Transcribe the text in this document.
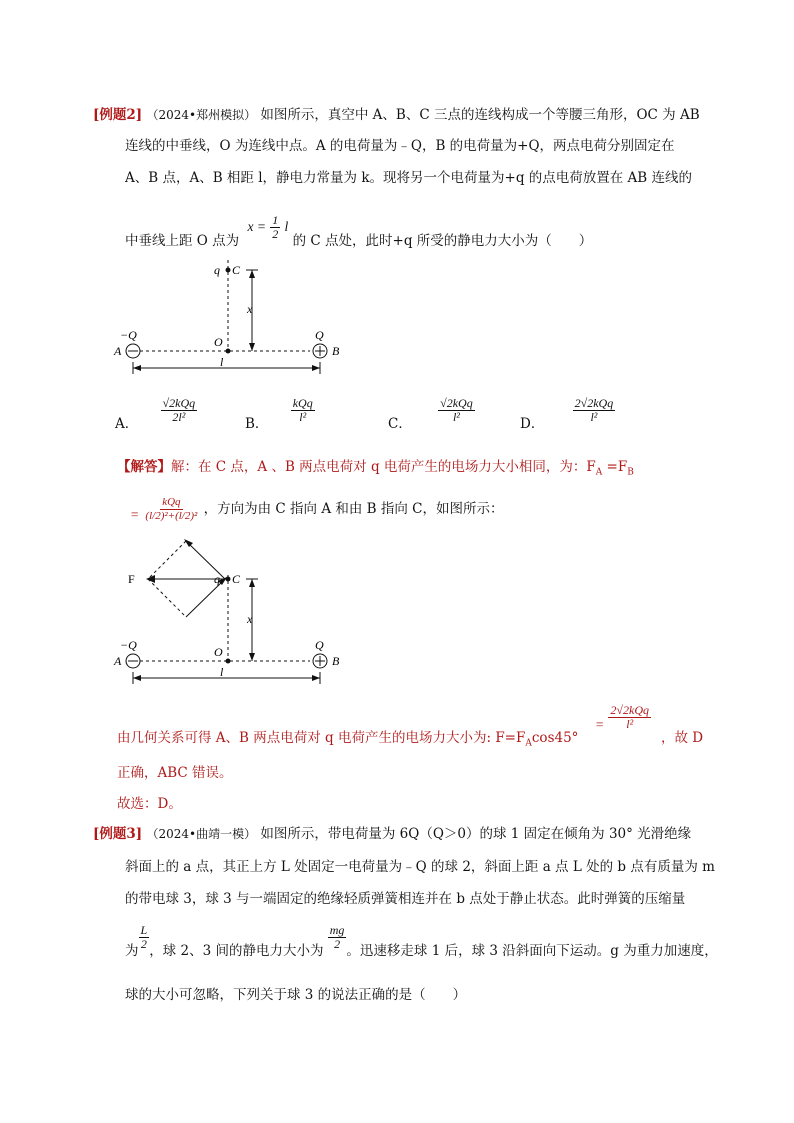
[例题2] （2024•郑州模拟） 如图所示，真空中 A、B、C 三点的连线构成一个等腰三角形，OC 为 AB
连线的中垂线，O 为连线中点。A 的电荷量为﹣Q，B 的电荷量为+Q，两点电荷分别固定在
A、B 点，A、B 相距 l，静电力常量为 k。现将另一个电荷量为+q 的点电荷放置在 AB 连线的
中垂线上距 O 点为 $x = \frac{1}{2}$ l 的 C 点处，此时+q 所受的静电力大小为（　　）
q C
x
O
A	B
−Q	Q
l
A． $\frac{\text{√2kQq}}{\text{2l²}}$	B． $\frac{\text{kQq}}{\text{l²}}$	C． $\frac{\text{√2kQq}}{\text{l²}}$	D． $\frac{\text{2√2kQq}}{\text{l²}}$
【解答】解：在 C 点，A 、B 两点电荷对 q 电荷产生的电场力大小相同，为：$F_A =F_B$
= $\frac{\text{kQq}}{\text{(l/2)²+(l/2)²}}$ ，方向为由 C 指向 A 和由 B 指向 C，如图所示：
F	q C
x
O
A	B
−Q	Q
l
由几何关系可得 A、B 两点电荷对 q 电荷产生的电场力大小为: $F=F_A\cos 45^\circ$
= $\frac{\text{2√2kQq}}{\text{l²}}$
，故 D
正确，ABC 错误。
故选：D。
[例题3] （2024•曲靖一模） 如图所示，带电荷量为 6Q（Q＞0）的球 1 固定在倾角为 30° 光滑绝缘
斜面上的 a 点，其正上方 L 处固定一电荷量为﹣Q 的球 2，斜面上距 a 点 L 处的 b 点有质量为 m
的带电球 3，球 3 与一端固定的绝缘轻质弹簧相连并在 b 点处于静止状态。此时弹簧的压缩量
为 $\frac{L}{2}$ ，球 2、3 间的静电力大小为 $\frac{mg}{2}$ 。迅速移走球 1 后，球 3 沿斜面向下运动。g 为重力加速度，
球的大小可忽略，下列关于球 3 的说法正确的是（　　）
